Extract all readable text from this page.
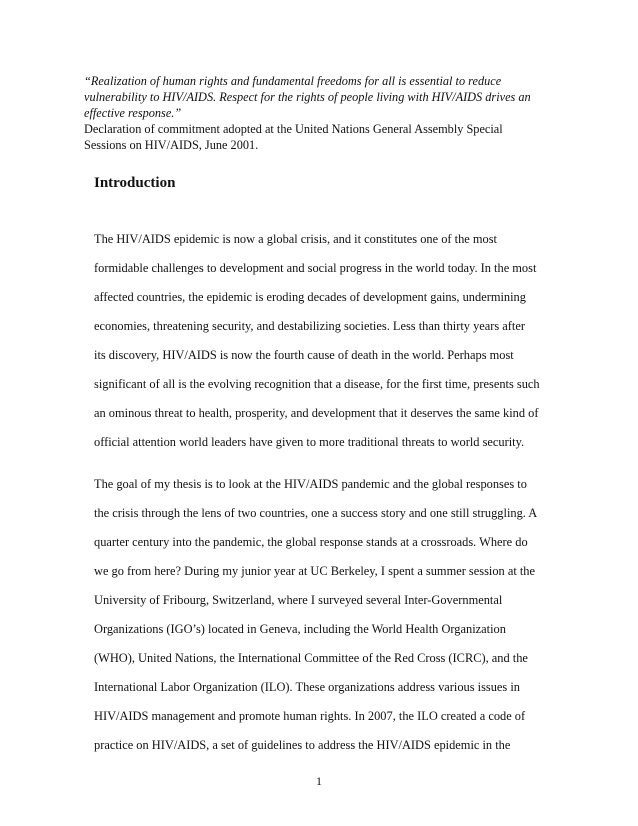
“Realization of human rights and fundamental freedoms for all is essential to reduce
vulnerability to HIV/AIDS. Respect for the rights of people living with HIV/AIDS drives an
effective response.”
Declaration of commitment adopted at the United Nations General Assembly Special
Sessions on HIV/AIDS, June 2001.
Introduction
The HIV/AIDS epidemic is now a global crisis, and it constitutes one of the most
formidable challenges to development and social progress in the world today. In the most
affected countries, the epidemic is eroding decades of development gains, undermining
economies, threatening security, and destabilizing societies. Less than thirty years after
its discovery, HIV/AIDS is now the fourth cause of death in the world. Perhaps most
significant of all is the evolving recognition that a disease, for the first time, presents such
an ominous threat to health, prosperity, and development that it deserves the same kind of
official attention world leaders have given to more traditional threats to world security.
The goal of my thesis is to look at the HIV/AIDS pandemic and the global responses to
the crisis through the lens of two countries, one a success story and one still struggling. A
quarter century into the pandemic, the global response stands at a crossroads. Where do
we go from here? During my junior year at UC Berkeley, I spent a summer session at the
University of Fribourg, Switzerland, where I surveyed several Inter-Governmental
Organizations (IGO’s) located in Geneva, including the World Health Organization
(WHO), United Nations, the International Committee of the Red Cross (ICRC), and the
International Labor Organization (ILO). These organizations address various issues in
HIV/AIDS management and promote human rights. In 2007, the ILO created a code of
practice on HIV/AIDS, a set of guidelines to address the HIV/AIDS epidemic in the
1
